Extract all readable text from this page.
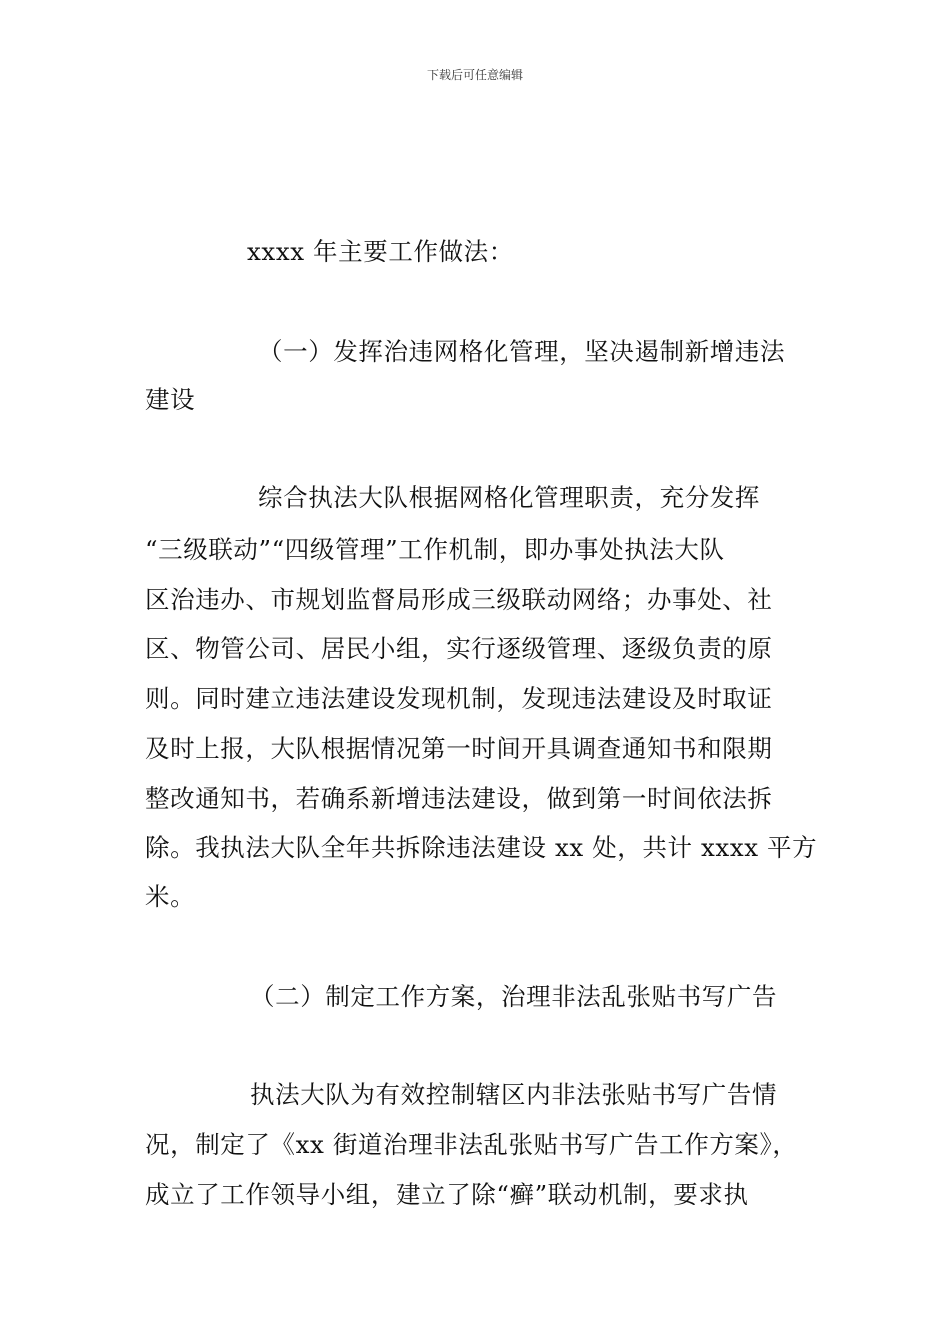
下载后可任意编辑
xxxx 年主要工作做法：
（一）发挥治违网格化管理，坚决遏制新增违法
建设
综合执法大队根据网格化管理职责，充分发挥
“三级联动”“四级管理”工作机制，即办事处执法大队
区治违办、市规划监督局形成三级联动网络；办事处、社
区、物管公司、居民小组，实行逐级管理、逐级负责的原
则。同时建立违法建设发现机制，发现违法建设及时取证
及时上报，大队根据情况第一时间开具调查通知书和限期
整改通知书，若确系新增违法建设，做到第一时间依法拆
除。我执法大队全年共拆除违法建设 xx 处，共计 xxxx 平方
米。
（二）制定工作方案，治理非法乱张贴书写广告
执法大队为有效控制辖区内非法张贴书写广告情
况，制定了《xx 街道治理非法乱张贴书写广告工作方案》，
成立了工作领导小组，建立了除“癣”联动机制，要求执
